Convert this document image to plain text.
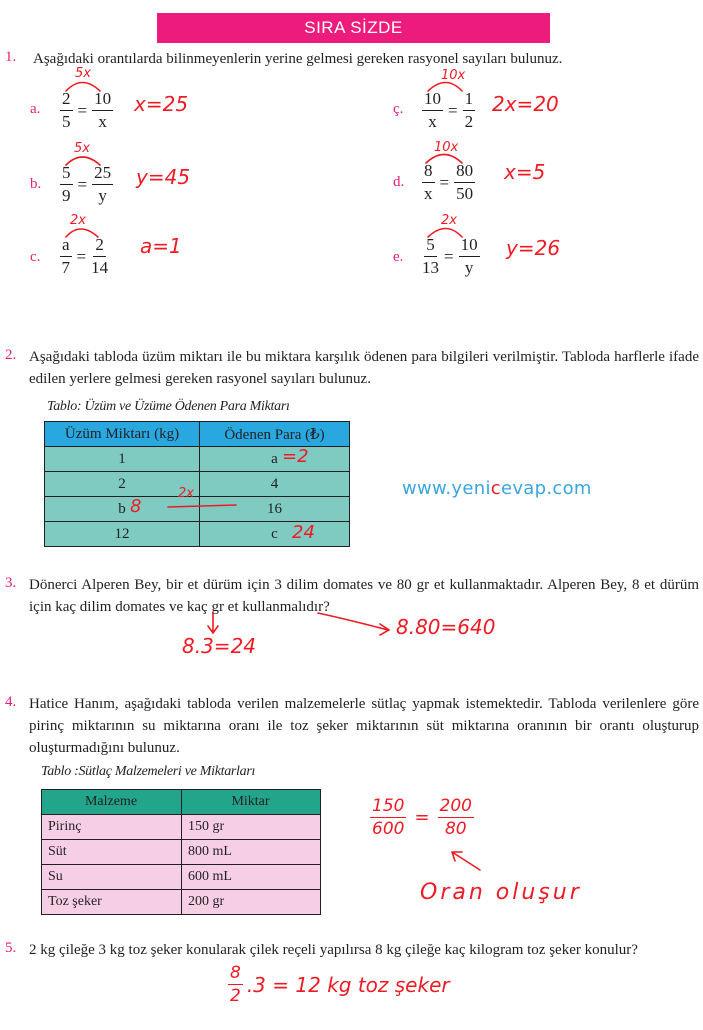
SIRA SİZDE
1. Aşağıdaki orantılarda bilinmeyenlerin yerine gelmesi gereken rasyonel sayıları bulunuz.
a. $\frac{2}{5} = \frac{10}{x}$
5x
x=25
b. $\frac{5}{9} = \frac{25}{y}$
5x
y=45
c. $\frac{a}{7} = \frac{2}{14}$
2x
a=1
ç. $\frac{10}{x} = \frac{1}{2}$
10x
2x=20
d. $\frac{8}{x} = \frac{80}{50}$
10x
x=5
e. $\frac{5}{13} = \frac{10}{y}$
2x
y=26
2. Aşağıdaki tabloda üzüm miktarı ile bu miktara karşılık ödenen para bilgileri verilmiştir. Tabloda harflerle ifade edilen yerlere gelmesi gereken rasyonel sayıları bulunuz.
Tablo: Üzüm ve Üzüme Ödenen Para Miktarı
Üzüm Miktarı (kg)	Ödenen Para (₺)
1	a
2	4
b	16
12	c
=2
8
2x
24
www.yenicevap.com
3. Dönerci Alperen Bey, bir et dürüm için 3 dilim domates ve 80 gr et kullanmaktadır. Alperen Bey, 8 et dürüm için kaç dilim domates ve kaç gr et kullanmalıdır?
8.3=24
8.80=640
4. Hatice Hanım, aşağıdaki tabloda verilen malzemelerle sütlaç yapmak istemektedir. Tabloda verilenlere göre pirinç miktarının su miktarına oranı ile toz şeker miktarının süt miktarına oranının bir orantı oluşturup oluşturmadığını bulunuz.
Tablo :Sütlaç Malzemeleri ve Miktarları
Malzeme	Miktar
Pirinç	150 gr
Süt	800 mL
Su	600 mL
Toz şeker	200 gr
$\frac{150}{600} = \frac{200}{80}$
Oran oluşur
5. 2 kg çileğe 3 kg toz şeker konularak çilek reçeli yapılırsa 8 kg çileğe kaç kilogram toz şeker konulur?
$\frac{8}{2} .3 = 12$ kg toz şeker
